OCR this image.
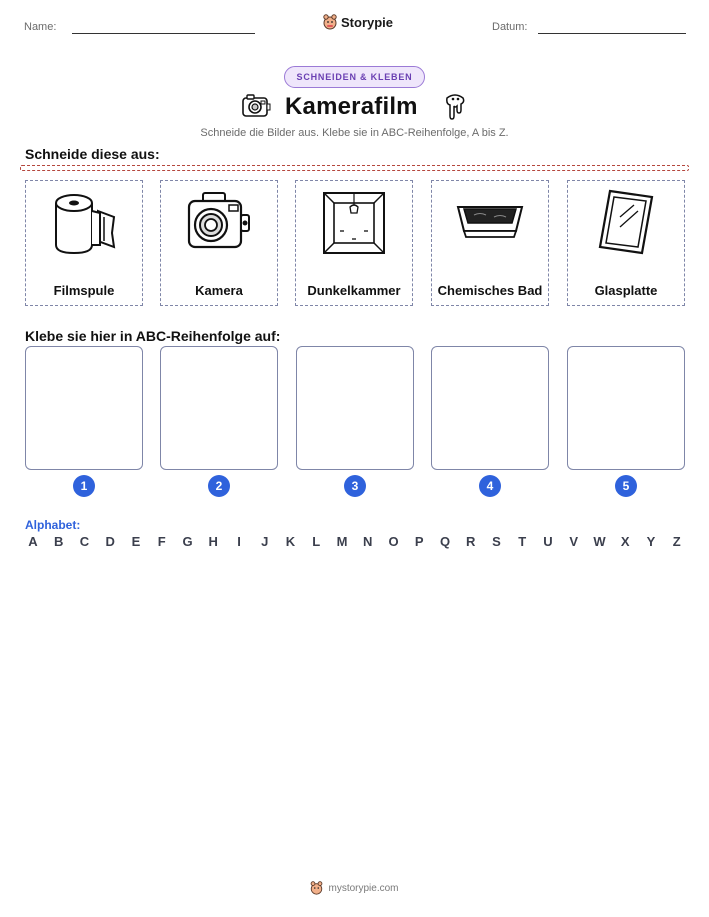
Name:	Storypie	Datum:
SCHNEIDEN & KLEBEN
Kamerafilm
Schneide die Bilder aus. Klebe sie in ABC-Reihenfolge, A bis Z.
Schneide diese aus:
Filmspule	Kamera	Dunkelkammer	Chemisches Bad	Glasplatte
Klebe sie hier in ABC-Reihenfolge auf:
1	2	3	4	5
Alphabet:
A B C D E	F	G H	I	J	K	L	M N O P Q R S	T	U V W X Y	Z
mystorypie.com
